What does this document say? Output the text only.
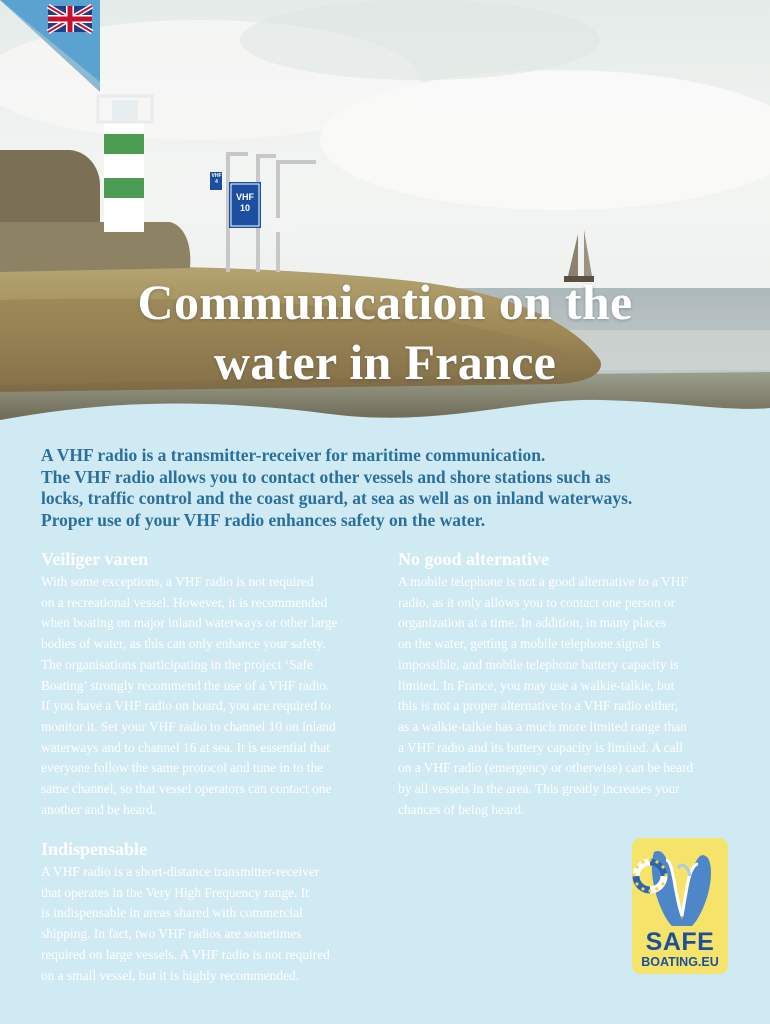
VHF
4
VHF
10
Communication on the
water in France
A VHF radio is a transmitter-receiver for maritime communication.
The VHF radio allows you to contact other vessels and shore stations such as
locks, traffic control and the coast guard, at sea as well as on inland waterways.
Proper use of your VHF radio enhances safety on the water.
Veiliger varen

With some exceptions, a VHF radio is not required
on a recreational vessel. However, it is recommended
when boating on major inland waterways or other large
bodies of water, as this can only enhance your safety.
The organisations participating in the project ‘Safe
Boating’ strongly recommend the use of a VHF radio.
If you have a VHF radio on board, you are required to
monitor it. Set your VHF radio to channel 10 on inland
waterways and to channel 16 at sea. It is essential that
everyone follow the same protocol and tune in to the
same channel, so that vessel operators can contact one
another and be heard.

No good alternative

A mobile telephone is not a good alternative to a VHF
radio, as it only allows you to contact one person or
organization at a time. In addition, in many places
on the water, getting a mobile telephone signal is
impossible, and mobile telephone battery capacity is
limited. In France, you may use a walkie-talkie, but
this is not a proper alternative to a VHF radio either,
as a walkie-talkie has a much more limited range than
a VHF radio and its battery capacity is limited. A call
on a VHF radio (emergency or otherwise) can be heard
by all vessels in the area. This greatly increases your
chances of being heard.

Indispensable

A VHF radio is a short-distance transmitter-receiver
that operates in the Very High Frequency range. It
is indispensable in areas shared with commercial
shipping. In fact, two VHF radios are sometimes
required on large vessels. A VHF radio is not required
on a small vessel, but it is highly recommended.

SAFE
BOATING.EU
